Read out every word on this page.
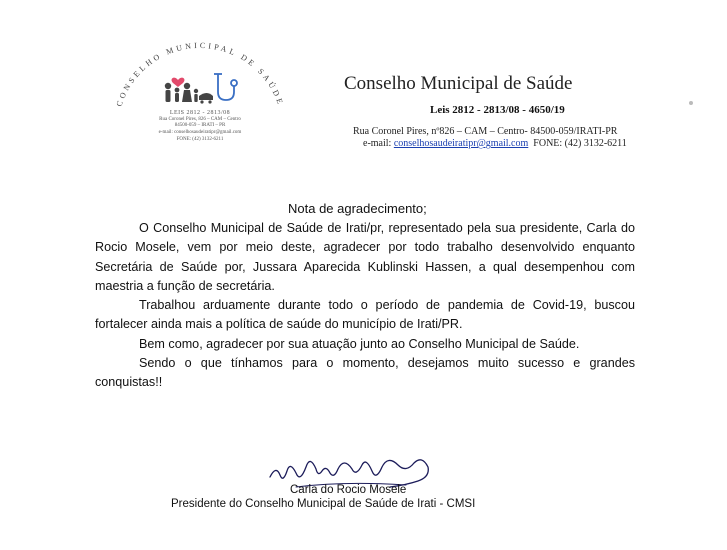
CONSELHO MUNICIPAL DE SAÚDE
LEIS 2812 - 2813/08
Rua Coronel Pires, 826 – CAM – Centro
84500-059 – IRATI – PR
e-mail: conselhosaudeiratipr@gmail.com
FONE: (42) 3132-6211
Conselho Municipal de Saúde
Leis 2812 - 2813/08 - 4650/19
Rua Coronel Pires, nº826 – CAM – Centro- 84500-059/IRATI-PR
e-mail: conselhosaudeiratipr@gmail.com FONE: (42) 3132-6211
Nota de agradecimento;

O Conselho Municipal de Saúde de Irati/pr, representado pela sua presidente, Carla do Rocio Mosele, vem por meio deste, agradecer por todo trabalho desenvolvido enquanto Secretária de Saúde por, Jussara Aparecida Kublinski Hassen, a qual desempenhou com maestria a função de secretária.

Trabalhou arduamente durante todo o período de pandemia de Covid-19, buscou fortalecer ainda mais a política de saúde do município de Irati/PR.

Bem como, agradecer por sua atuação junto ao Conselho Municipal de Saúde.

Sendo o que tínhamos para o momento, desejamos muito sucesso e grandes conquistas!!

Carla do Rocio Mosele
Presidente do Conselho Municipal de Saúde de Irati - CMSI
